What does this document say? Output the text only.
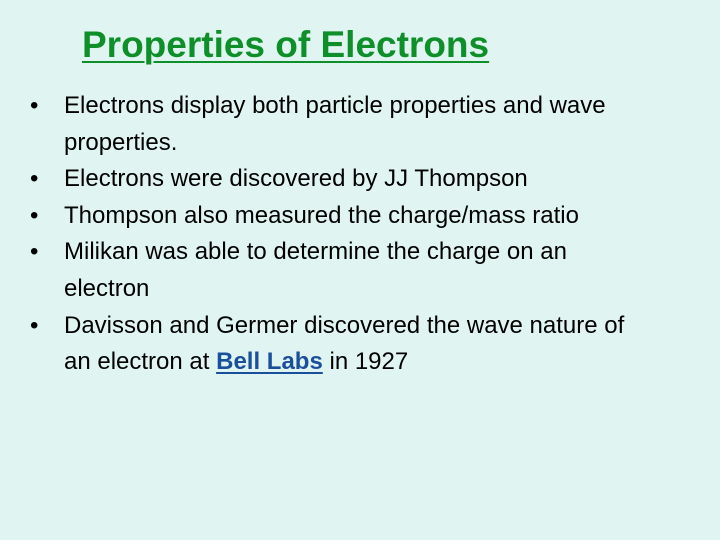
Properties of Electrons
•	Electrons display both particle properties and wave properties.
•	Electrons were discovered by JJ Thompson
•	Thompson also measured the charge/mass ratio
•	Milikan was able to determine the charge on an electron
•	Davisson and Germer discovered the wave nature of an electron at Bell Labs in 1927
